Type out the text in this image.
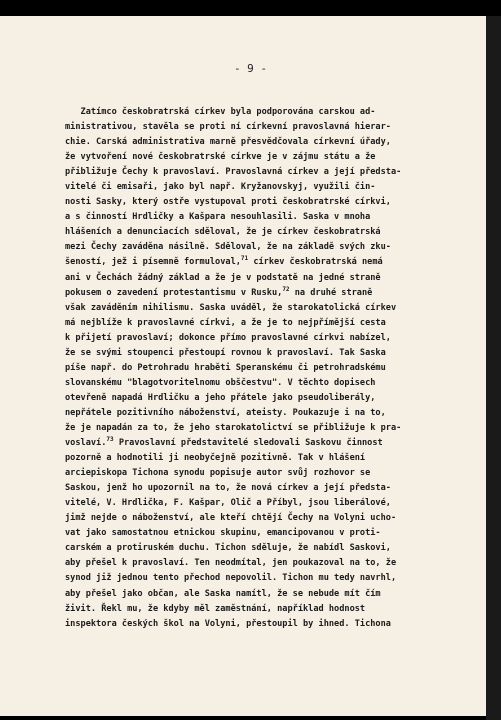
- 9 -
Zatímco českobratrská církev byla podporována carskou ad-
ministrativou, stavěla se proti ní církevní pravoslavná hierar-
chie. Carská administrativa marně přesvědčovala církevní úřady,
že vytvoření nové českobratrské církve je v zájmu státu a že
přibližuje Čechy k pravoslaví. Pravoslavná církev a její předsta-
vitelé či emisaři, jako byl např. Kryžanovskyj, využili čin-
nosti Sasky, který ostře vystupoval proti českobratrské církvi,
a s činností Hrdličky a Kašpara nesouhlasili. Saska v mnoha
hlášeních a denunciacích sděloval, že je církev českobratrská
mezi Čechy zaváděna násilně. Sděloval, že na základě svých zku-
šeností, jež i písemně formuloval,$^{71}$ církev českobratrská nemá
ani v Čechách žádný základ a že je v podstatě na jedné straně
pokusem o zavedení protestantismu v Rusku,$^{72}$ na druhé straně
však zaváděním nihilismu. Saska uváděl, že starokatolická církev
má nejblíže k pravoslavné církvi, a že je to nejpřímější cesta
k přijetí pravoslaví; dokonce přímo pravoslavné církvi nabízel,
že se svými stoupenci přestoupí rovnou k pravoslaví. Tak Saska
píše např. do Petrohradu hraběti Speranskému či petrohradskému
slovanskému "blagotvoritelnomu obščestvu". V těchto dopisech
otevřeně napadá Hrdličku a jeho přátele jako pseudoliberály,
nepřátele pozitivního náboženství, ateisty. Poukazuje i na to,
že je napadán za to, že jeho starokatolictví se přibližuje k pra-
voslaví.$^{73}$ Pravoslavní představitelé sledovali Saskovu činnost
pozorně a hodnotili ji neobyčejně pozitivně. Tak v hlášení
arciepiskopa Tichona synodu popisuje autor svůj rozhovor se
Saskou, jenž ho upozornil na to, že nová církev a její předsta-
vitelé, V. Hrdlička, F. Kašpar, Olič a Příbyl, jsou liberálové,
jimž nejde o náboženství, ale kteří chtějí Čechy na Volyni ucho-
vat jako samostatnou etnickou skupinu, emancipovanou v proti-
carském a protiruském duchu. Tichon sděluje, že nabídl Saskovi,
aby přešel k pravoslaví. Ten neodmítal, jen poukazoval na to, že
synod již jednou tento přechod nepovolil. Tichon mu tedy navrhl,
aby přešel jako občan, ale Saska namítl, že se nebude mít čím
živit. Řekl mu, že kdyby měl zaměstnání, například hodnost
inspektora českých škol na Volyni, přestoupil by ihned. Tichona
